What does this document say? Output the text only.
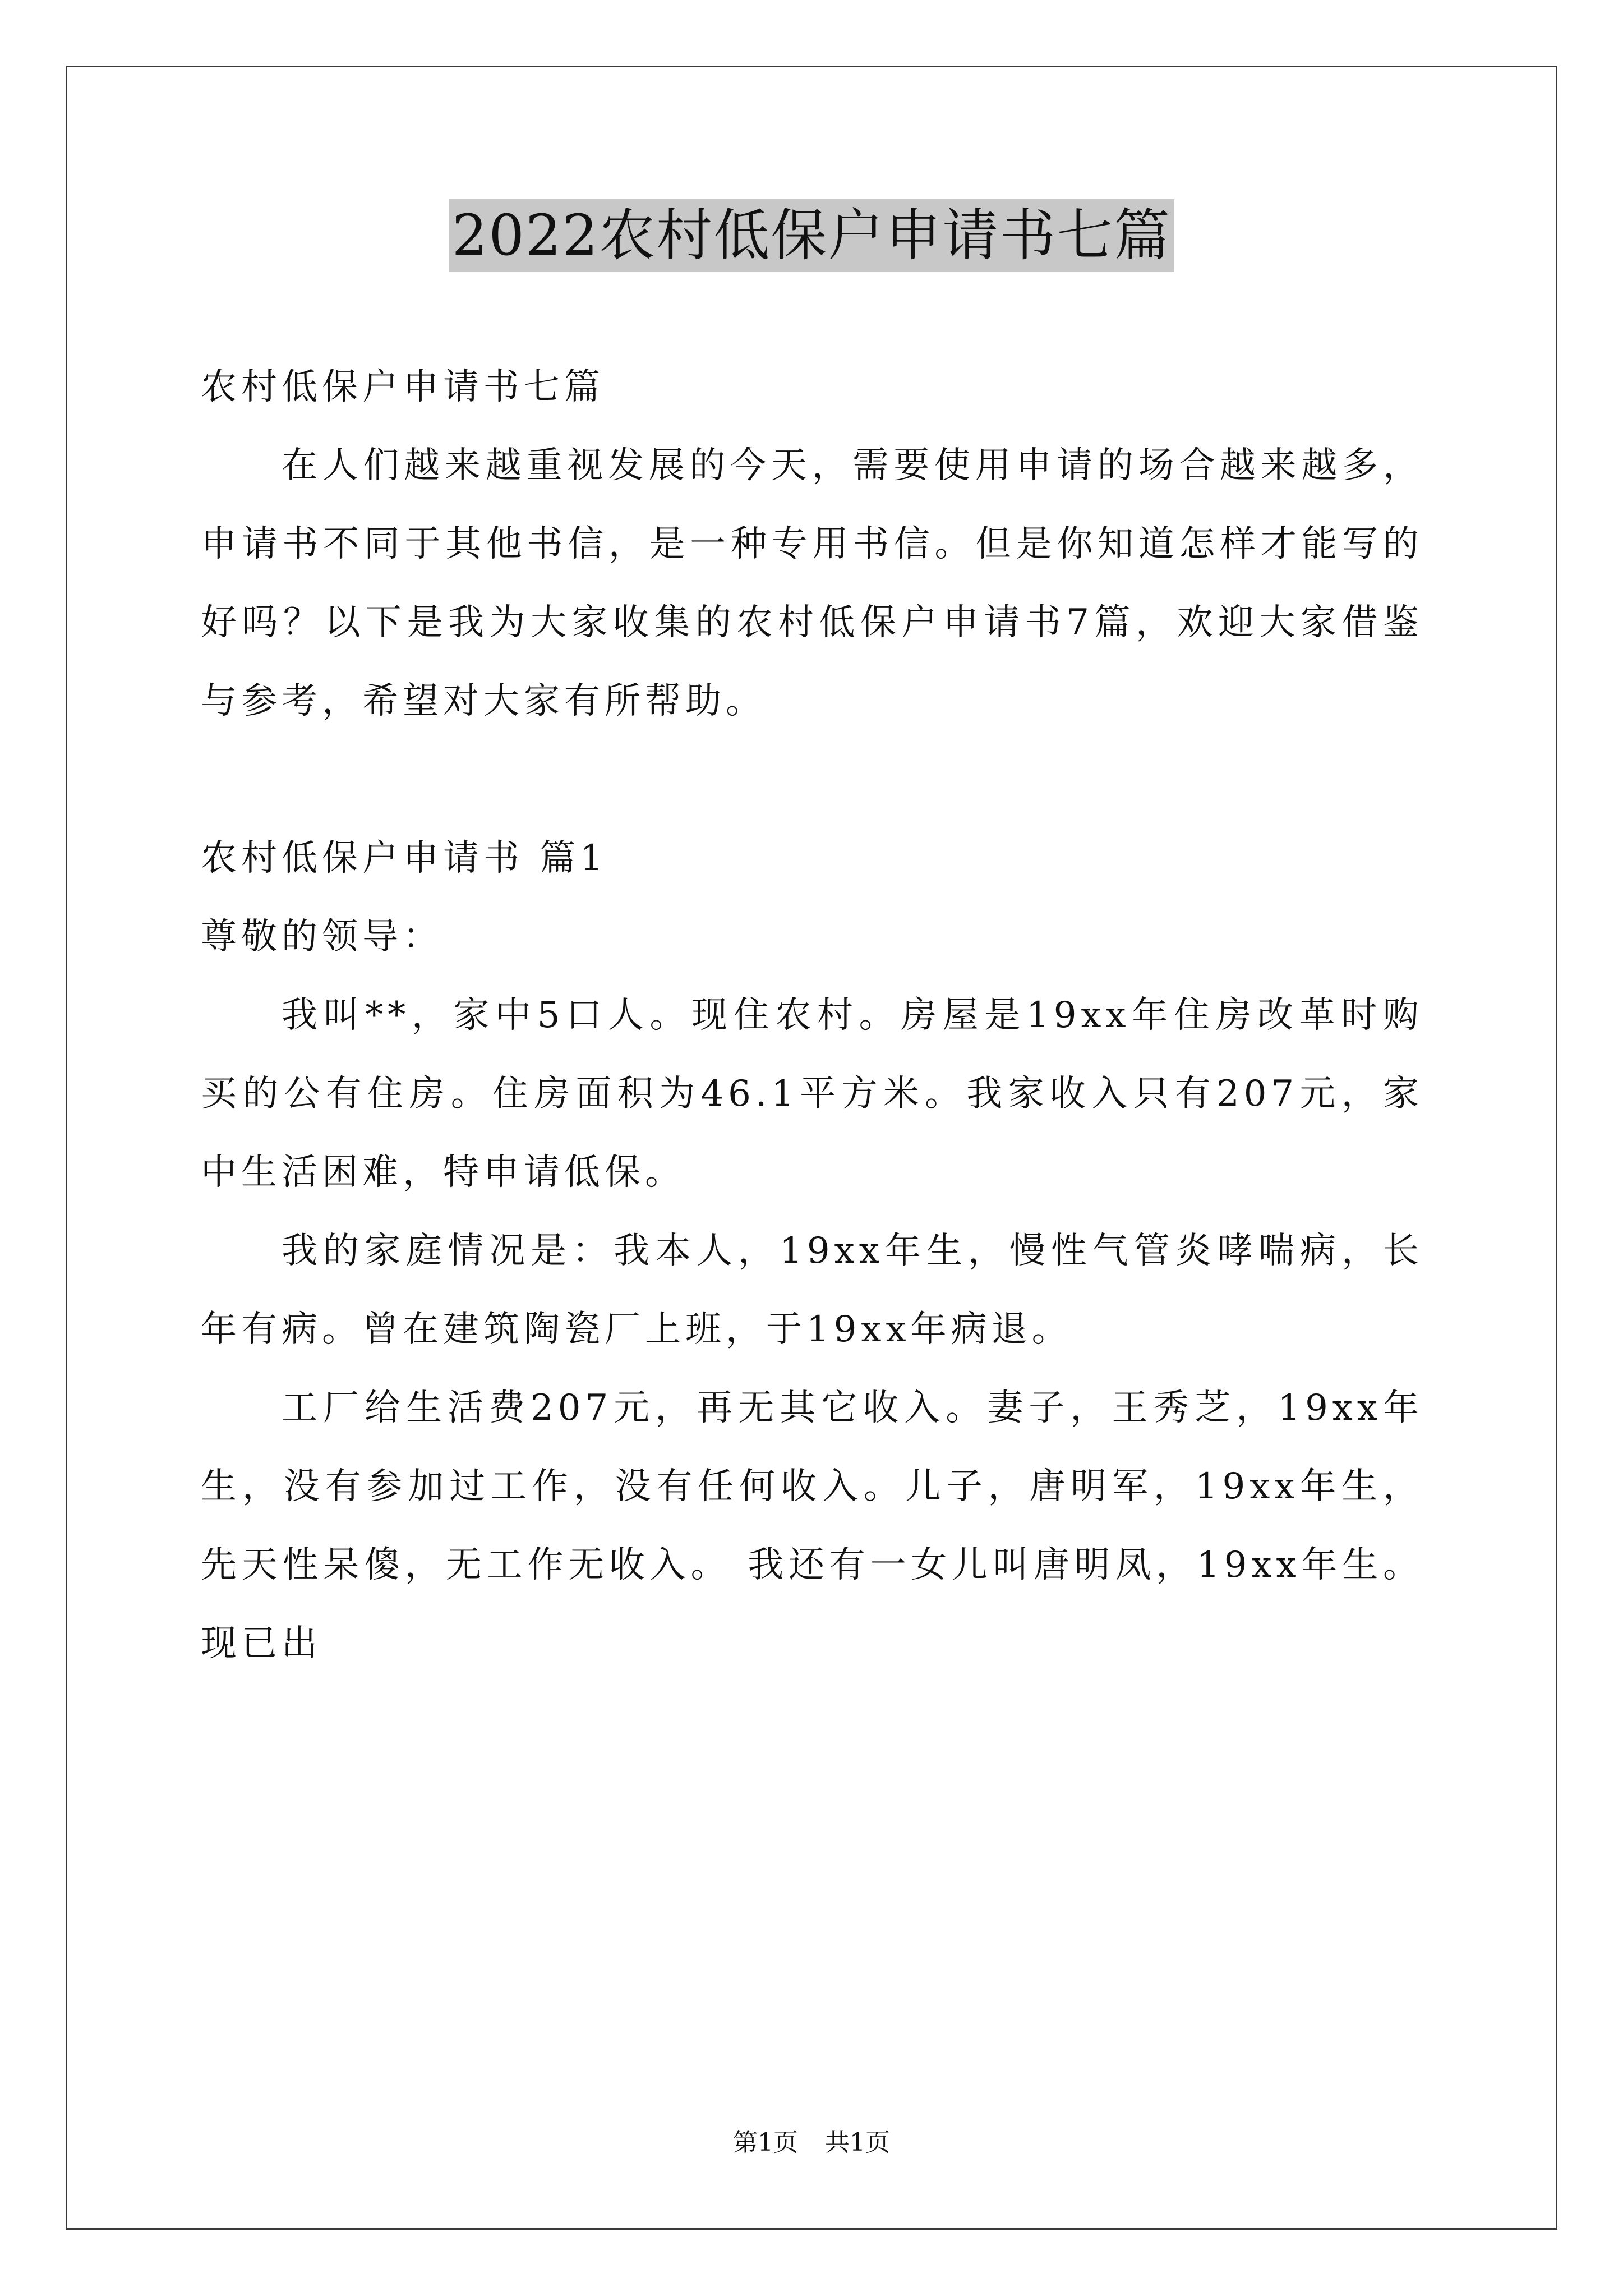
2022农村低保户申请书七篇

农村低保户申请书七篇

在人们越来越重视发展的今天，需要使用申请的场合越来越多，申请书不同于其他书信，是一种专用书信。但是你知道怎样才能写的好吗？以下是我为大家收集的农村低保户申请书7篇，欢迎大家借鉴与参考，希望对大家有所帮助。

农村低保户申请书 篇1

尊敬的领导：

我叫**，家中5口人。现住农村。房屋是19xx年住房改革时购买的公有住房。住房面积为46.1平方米。我家收入只有207元，家中生活困难，特申请低保。

我的家庭情况是：我本人，19xx年生，慢性气管炎哮喘病，长年有病。曾在建筑陶瓷厂上班，于19xx年病退。

工厂给生活费207元，再无其它收入。妻子，王秀芝，19xx年生，没有参加过工作，没有任何收入。儿子，唐明军，19xx年生，先天性呆傻，无工作无收入。 我还有一女儿叫唐明凤，19xx年生。现已出

第1页 共1页
